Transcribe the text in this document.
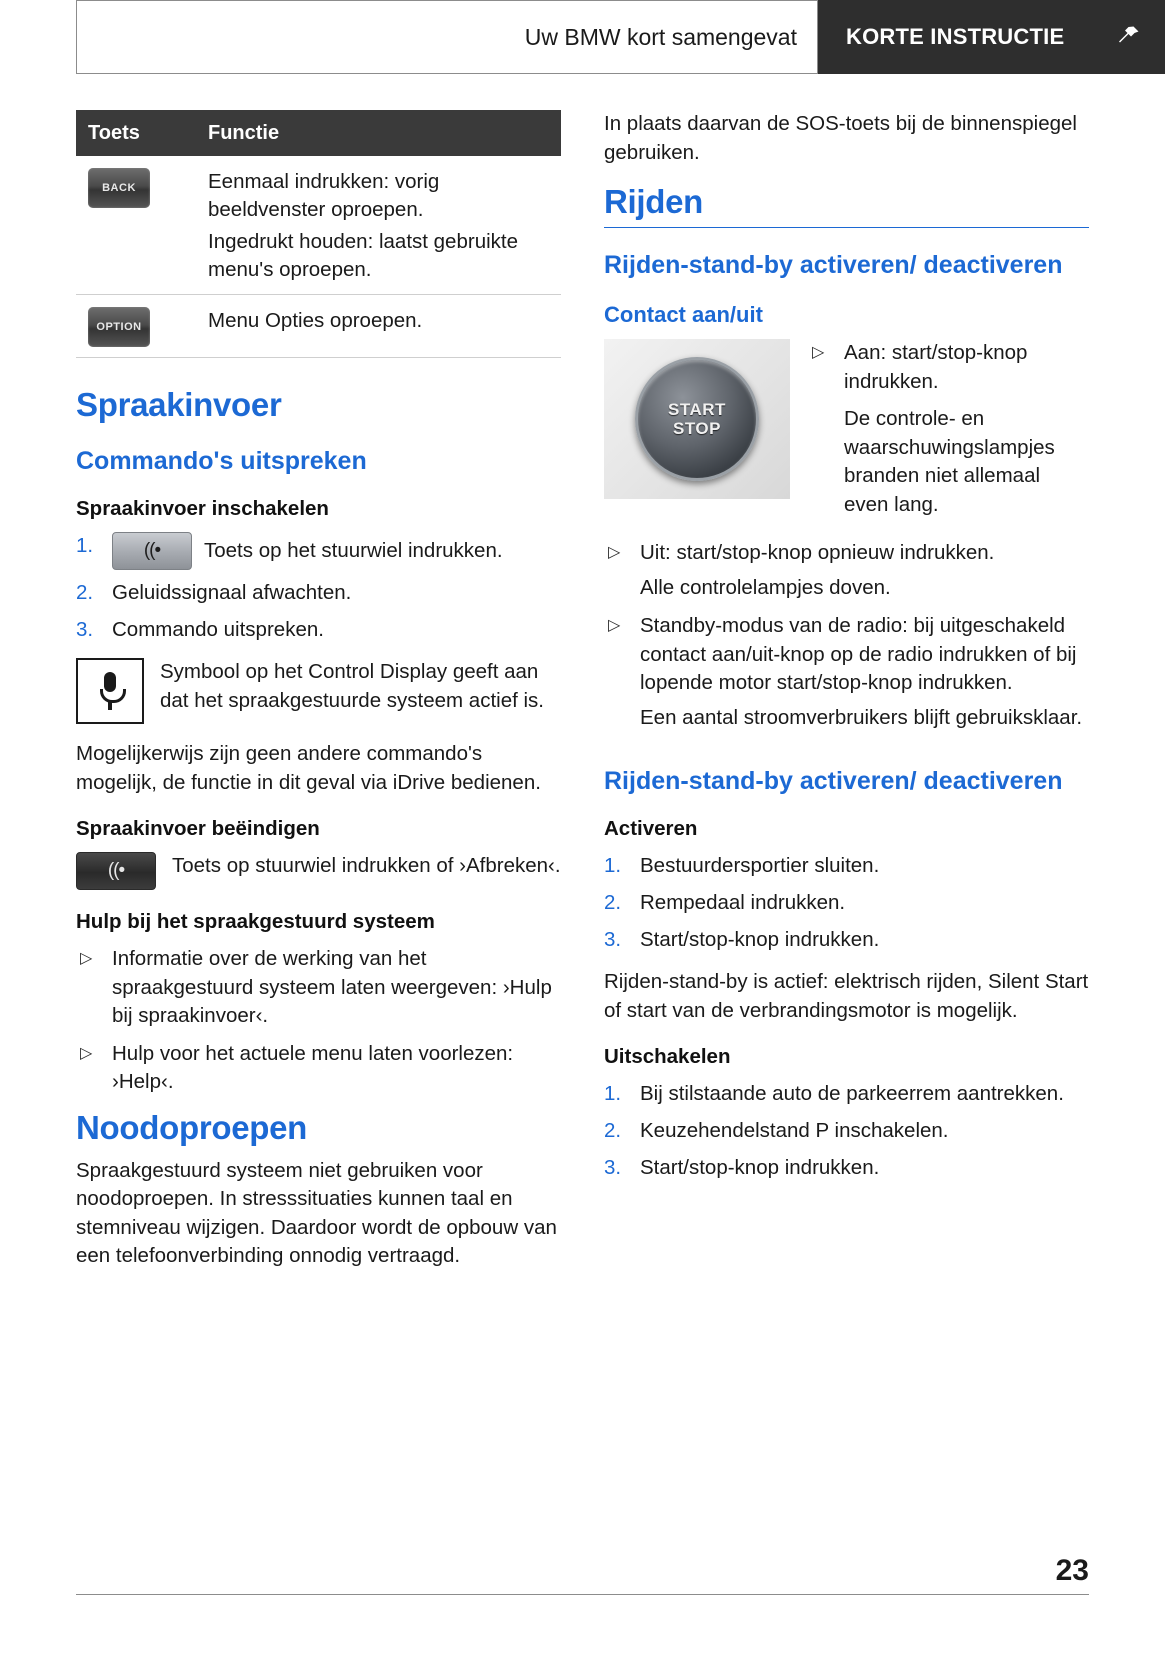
Uw BMW kort samengevat KORTE INSTRUCTIE
Toets	Functie

BACK	Eenmaal indrukken: vorig beeldvenster oproepen.
	Ingedrukt houden: laatst gebruikte menu's oproepen.

OPTION	Menu Opties oproepen.
Spraakinvoer
Commando's uitspreken
Spraakinvoer inschakelen
((• Toets op het stuurwiel indrukken.
Geluidssignaal afwachten.
Commando uitspreken.
Symbool op het Control Display geeft aan dat het spraakgestuurde systeem actief is.

Mogelijkerwijs zijn geen andere commando's mogelijk, de functie in dit geval via iDrive bedienen.

Spraakinvoer beëindigen
((• Toets op stuurwiel indrukken of ›Afbreken‹.
Hulp bij het spraakgestuurd systeem
▷ Informatie over de werking van het spraakgestuurd systeem laten weergeven: ›Hulp bij spraakinvoer‹.
▷ Hulp voor het actuele menu laten voorlezen: ›Help‹.
Noodoproepen

Spraakgestuurd systeem niet gebruiken voor noodoproepen. In stresssituaties kunnen taal en stemniveau wijzigen. Daardoor wordt de opbouw van een telefoonverbinding onnodig vertraagd.

In plaats daarvan de SOS-toets bij de binnenspiegel gebruiken.

Rijden
Rijden-stand-by activeren/ deactiveren
Contact aan/uit
START
STOP
▷ Aan: start/stop-knop indrukken.
De controle- en waarschuwingslampjes branden niet allemaal even lang.
▷ Uit: start/stop-knop opnieuw indrukken.
Alle controlelampjes doven.
▷ Standby-modus van de radio: bij uitgeschakeld contact aan/uit-knop op de radio indrukken of bij lopende motor start/stop-knop indrukken.
Een aantal stroomverbruikers blijft gebruiksklaar.
Rijden-stand-by activeren/ deactiveren
Activeren
Bestuurdersportier sluiten.
Rempedaal indrukken.
Start/stop-knop indrukken.

Rijden-stand-by is actief: elektrisch rijden, Silent Start of start van de verbrandingsmotor is mogelijk.

Uitschakelen
Bij stilstaande auto de parkeerrem aantrekken.
Keuzehendelstand P inschakelen.
Start/stop-knop indrukken.
23
